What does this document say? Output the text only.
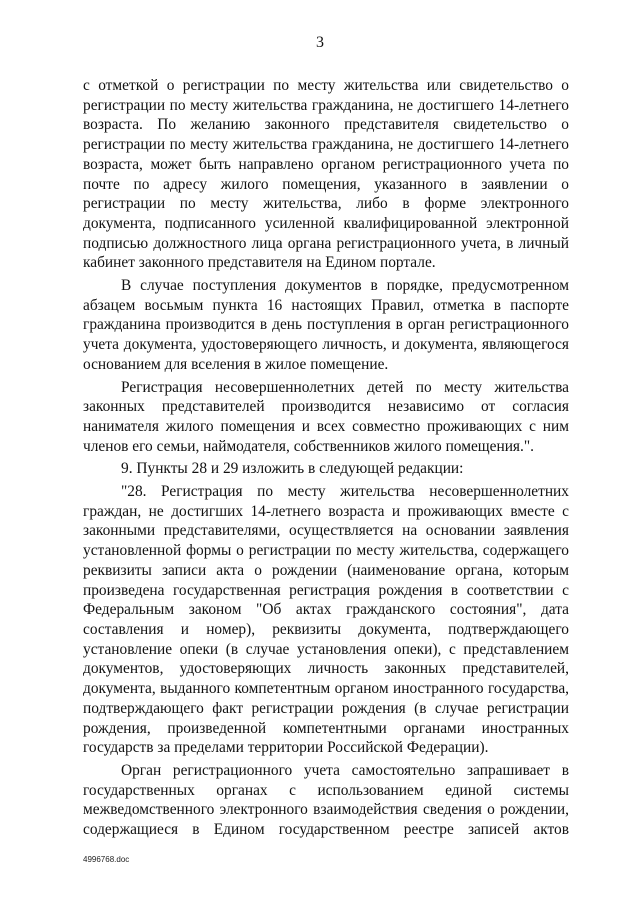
3

с отметкой о регистрации по месту жительства или свидетельство о регистрации по месту жительства гражданина, не достигшего 14-летнего возраста. По желанию законного представителя свидетельство о регистрации по месту жительства гражданина, не достигшего 14-летнего возраста, может быть направлено органом регистрационного учета по почте по адресу жилого помещения, указанного в заявлении о регистрации по месту жительства, либо в форме электронного документа, подписанного усиленной квалифицированной электронной подписью должностного лица органа регистрационного учета, в личный кабинет законного представителя на Едином портале.

В случае поступления документов в порядке, предусмотренном абзацем восьмым пункта 16 настоящих Правил, отметка в паспорте гражданина производится в день поступления в орган регистрационного учета документа, удостоверяющего личность, и документа, являющегося основанием для вселения в жилое помещение.

Регистрация несовершеннолетних детей по месту жительства законных представителей производится независимо от согласия нанимателя жилого помещения и всех совместно проживающих с ним членов его семьи, наймодателя, собственников жилого помещения.".

9. Пункты 28 и 29 изложить в следующей редакции:

"28. Регистрация по месту жительства несовершеннолетних граждан, не достигших 14-летнего возраста и проживающих вместе с законными представителями, осуществляется на основании заявления установленной формы о регистрации по месту жительства, содержащего реквизиты записи акта о рождении (наименование органа, которым произведена государственная регистрация рождения в соответствии с Федеральным законом "Об актах гражданского состояния", дата составления и номер), реквизиты документа, подтверждающего установление опеки (в случае установления опеки), с представлением документов, удостоверяющих личность законных представителей, документа, выданного компетентным органом иностранного государства, подтверждающего факт регистрации рождения (в случае регистрации рождения, произведенной компетентными органами иностранных государств за пределами территории Российской Федерации).

Орган регистрационного учета самостоятельно запрашивает в государственных органах с использованием единой системы межведомственного электронного взаимодействия сведения о рождении, содержащиеся в Едином государственном реестре записей актов

4996768.doc
